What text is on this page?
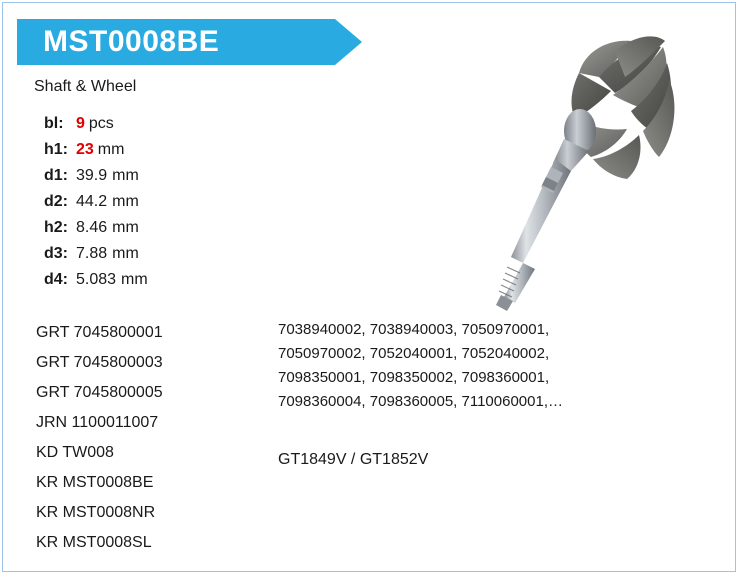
MST0008BE
Shaft & Wheel
bl: 9 pcs
h1: 23 mm
d1: 39.9 mm
d2: 44.2 mm
h2: 8.46 mm
d3: 7.88 mm
d4: 5.083 mm
GRT 7045800001
GRT 7045800003
GRT 7045800005
JRN 1100011007
KD TW008
KR MST0008BE
KR MST0008NR
KR MST0008SL
7038940002, 7038940003, 7050970001,
7050970002, 7052040001, 7052040002,
7098350001, 7098350002, 7098360001,
7098360004, 7098360005, 7110060001,…
GT1849V / GT1852V
